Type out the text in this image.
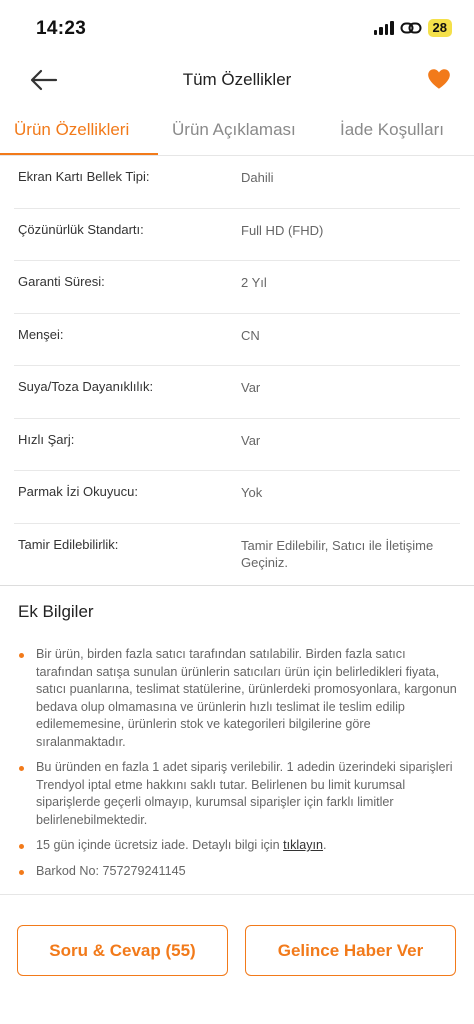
14:23	28
Tüm Özellikler
Ürün Özellikleri	Ürün Açıklaması	İade Koşulları
Ekran Kartı Bellek Tipi:	Dahili
Çözünürlük Standartı:	Full HD (FHD)
Garanti Süresi:	2 Yıl
Menşei:	CN
Suya/Toza Dayanıklılık:	Var
Hızlı Şarj:	Var
Parmak İzi Okuyucu:	Yok
Tamir Edilebilirlik:	Tamir Edilebilir, Satıcı ile İletişime Geçiniz.
Ek Bilgiler
Bir ürün, birden fazla satıcı tarafından satılabilir. Birden fazla satıcı tarafından satışa sunulan ürünlerin satıcıları ürün için belirledikleri fiyata, satıcı puanlarına, teslimat statülerine, ürünlerdeki promosyonlara, kargonun bedava olup olmamasına ve ürünlerin hızlı teslimat ile teslim edilip edilememesine, ürünlerin stok ve kategorileri bilgilerine göre sıralanmaktadır.
Bu üründen en fazla 1 adet sipariş verilebilir. 1 adedin üzerindeki siparişleri Trendyol iptal etme hakkını saklı tutar. Belirlenen bu limit kurumsal siparişlerde geçerli olmayıp, kurumsal siparişler için farklı limitler belirlenebilmektedir.
15 gün içinde ücretsiz iade. Detaylı bilgi için tıklayın.
Barkod No: 757279241145
Soru & Cevap (55)	Gelince Haber Ver
